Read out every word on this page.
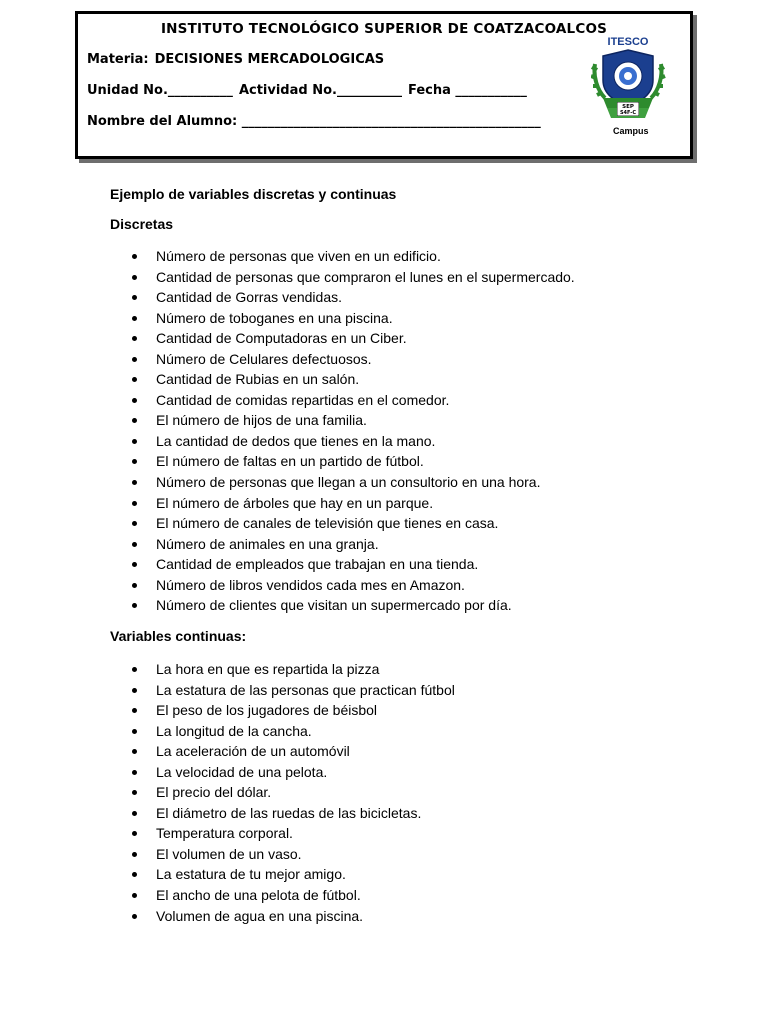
INSTITUTO TECNOLÓGICO SUPERIOR DE COATZACOALCOS
Materia: DECISIONES MERCADOLOGICAS
Unidad No.__________ Actividad No.__________ Fecha ___________
Nombre del Alumno: ______________________________________________
ITESCO
SEP
S4F-C
Campus
Ejemplo de variables discretas y continuas
Discretas
Número de personas que viven en un edificio.
Cantidad de personas que compraron el lunes en el supermercado.
Cantidad de Gorras vendidas.
Número de toboganes en una piscina.
Cantidad de Computadoras en un Ciber.
Número de Celulares defectuosos.
Cantidad de Rubias en un salón.
Cantidad de comidas repartidas en el comedor.
El número de hijos de una familia.
La cantidad de dedos que tienes en la mano.
El número de faltas en un partido de fútbol.
Número de personas que llegan a un consultorio en una hora.
El número de árboles que hay en un parque.
El número de canales de televisión que tienes en casa.
Número de animales en una granja.
Cantidad de empleados que trabajan en una tienda.
Número de libros vendidos cada mes en Amazon.
Número de clientes que visitan un supermercado por día.
Variables continuas:
La hora en que es repartida la pizza
La estatura de las personas que practican fútbol
El peso de los jugadores de béisbol
La longitud de la cancha.
La aceleración de un automóvil
La velocidad de una pelota.
El precio del dólar.
El diámetro de las ruedas de las bicicletas.
Temperatura corporal.
El volumen de un vaso.
La estatura de tu mejor amigo.
El ancho de una pelota de fútbol.
Volumen de agua en una piscina.
